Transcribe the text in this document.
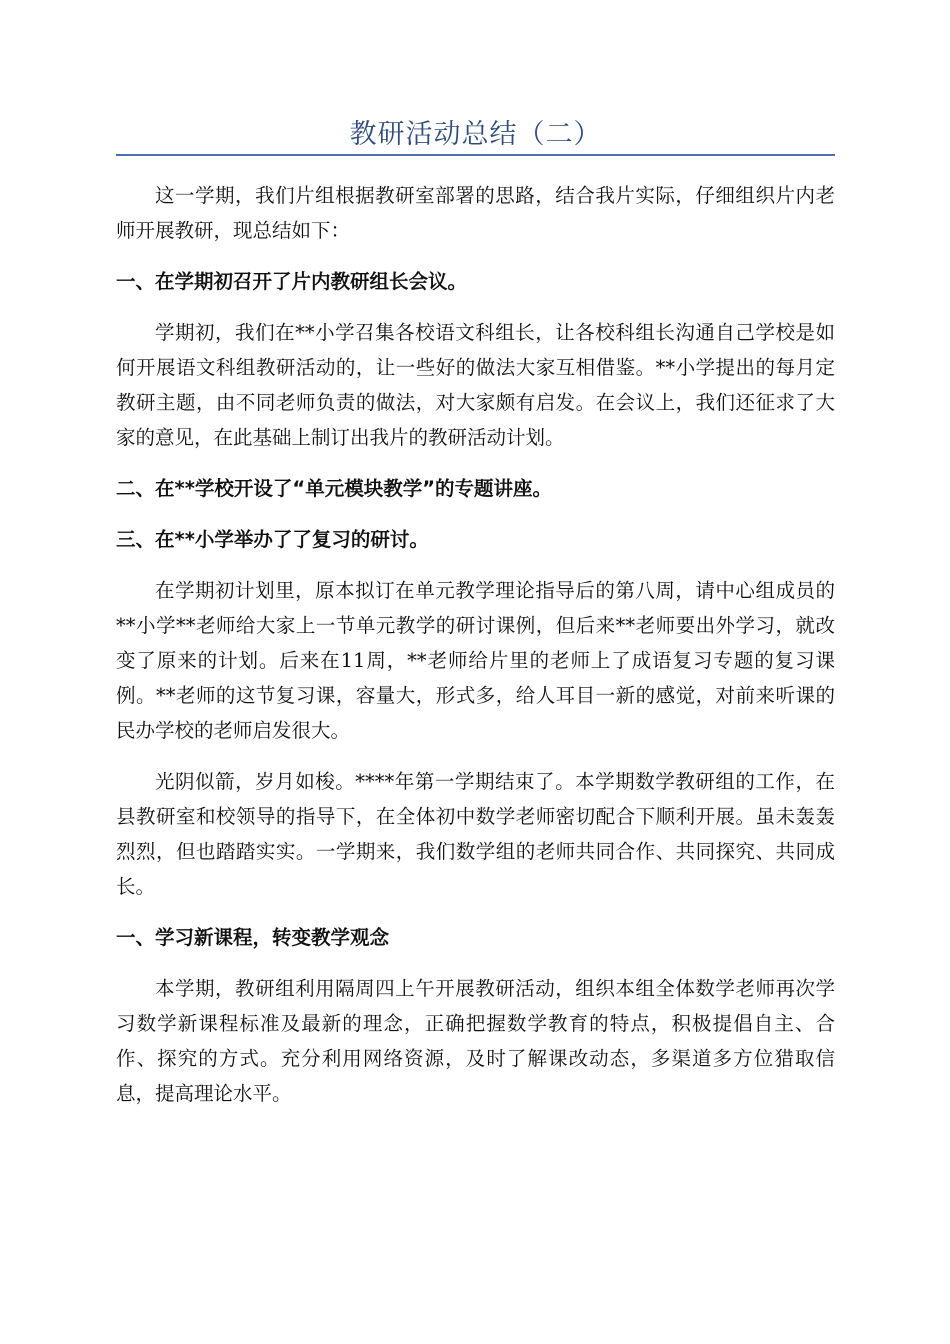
教研活动总结（二）

这一学期，我们片组根据教研室部署的思路，结合我片实际，仔细组织片内老师开展教研，现总结如下：

一、在学期初召开了片内教研组长会议。

学期初，我们在**小学召集各校语文科组长，让各校科组长沟通自己学校是如何开展语文科组教研活动的，让一些好的做法大家互相借鉴。**小学提出的每月定教研主题，由不同老师负责的做法，对大家颇有启发。在会议上，我们还征求了大家的意见，在此基础上制订出我片的教研活动计划。

二、在**学校开设了“单元模块教学”的专题讲座。

三、在**小学举办了了复习的研讨。

在学期初计划里，原本拟订在单元教学理论指导后的第八周，请中心组成员的**小学**老师给大家上一节单元教学的研讨课例，但后来**老师要出外学习，就改变了原来的计划。后来在11周，**老师给片里的老师上了成语复习专题的复习课例。**老师的这节复习课，容量大，形式多，给人耳目一新的感觉，对前来听课的民办学校的老师启发很大。

光阴似箭，岁月如梭。****年第一学期结束了。本学期数学教研组的工作，在县教研室和校领导的指导下，在全体初中数学老师密切配合下顺利开展。虽未轰轰烈烈，但也踏踏实实。一学期来，我们数学组的老师共同合作、共同探究、共同成长。

一、学习新课程，转变教学观念

本学期，教研组利用隔周四上午开展教研活动，组织本组全体数学老师再次学习数学新课程标准及最新的理念，正确把握数学教育的特点，积极提倡自主、合作、探究的方式。充分利用网络资源，及时了解课改动态，多渠道多方位猎取信息，提高理论水平。
